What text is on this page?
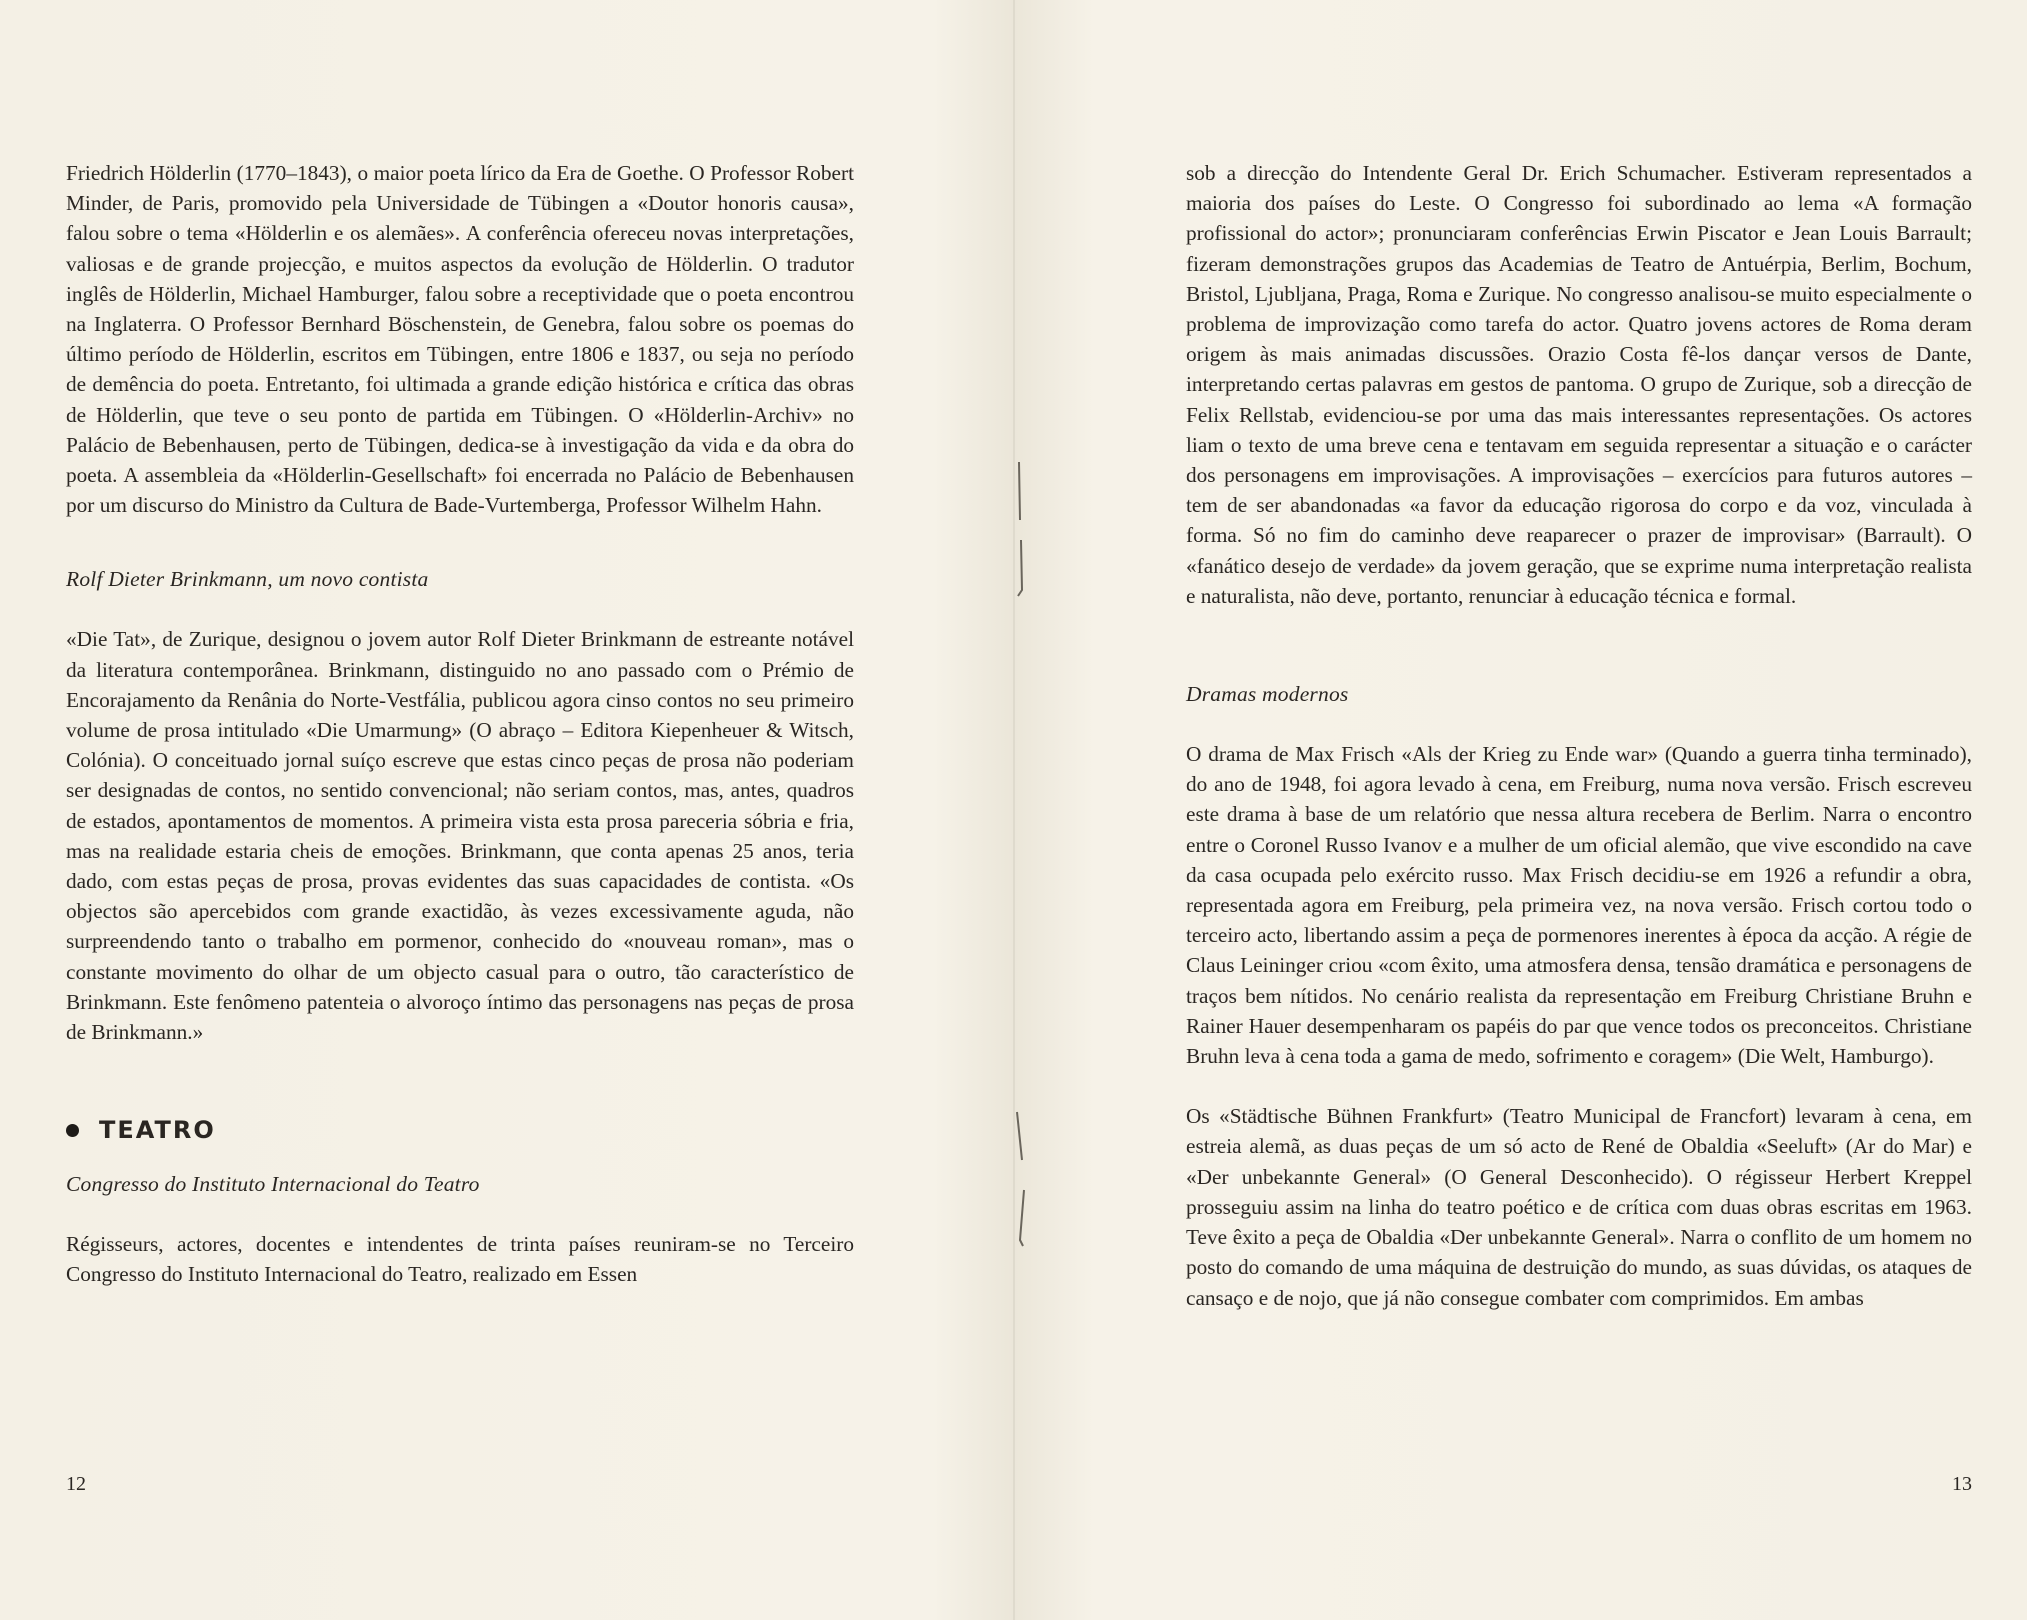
Friedrich Hölderlin (1770–1843), o maior poeta lírico da Era de Goethe. O Professor Robert Minder, de Paris, promovido pela Universidade de Tübingen a «Doutor honoris causa», falou sobre o tema «Hölderlin e os alemães». A conferência ofereceu novas interpretações, valiosas e de grande projecção, e muitos aspectos da evolução de Hölderlin. O tradutor inglês de Hölderlin, Michael Hamburger, falou sobre a receptividade que o poeta encontrou na Inglaterra. O Professor Bernhard Böschenstein, de Genebra, falou sobre os poemas do último período de Hölderlin, escritos em Tübingen, entre 1806 e 1837, ou seja no período de demência do poeta. Entretanto, foi ultimada a grande edição histórica e crítica das obras de Hölderlin, que teve o seu ponto de partida em Tübingen. O «Hölderlin-Archiv» no Palácio de Bebenhausen, perto de Tübingen, dedica-se à investigação da vida e da obra do poeta. A assembleia da «Hölderlin-Gesellschaft» foi encerrada no Palácio de Bebenhausen por um discurso do Ministro da Cultura de Bade-Vurtemberga, Professor Wilhelm Hahn.

Rolf Dieter Brinkmann, um novo contista

«Die Tat», de Zurique, designou o jovem autor Rolf Dieter Brinkmann de estreante notável da literatura contemporânea. Brinkmann, distinguido no ano passado com o Prémio de Encorajamento da Renânia do Norte-Vestfália, publicou agora cinso contos no seu primeiro volume de prosa intitulado «Die Umarmung» (O abraço – Editora Kiepenheuer & Witsch, Colónia). O conceituado jornal suíço escreve que estas cinco peças de prosa não poderiam ser designadas de contos, no sentido convencional; não seriam contos, mas, antes, quadros de estados, apontamentos de momentos. A primeira vista esta prosa pareceria sóbria e fria, mas na realidade estaria cheis de emoções. Brinkmann, que conta apenas 25 anos, teria dado, com estas peças de prosa, provas evidentes das suas capacidades de contista. «Os objectos são apercebidos com grande exactidão, às vezes excessivamente aguda, não surpreendendo tanto o trabalho em pormenor, conhecido do «nouveau roman», mas o constante movimento do olhar de um objecto casual para o outro, tão característico de Brinkmann. Este fenômeno patenteia o alvoroço íntimo das personagens nas peças de prosa de Brinkmann.»

TEATRO
Congresso do Instituto Internacional do Teatro

Régisseurs, actores, docentes e intendentes de trinta países reuniram-se no Terceiro Congresso do Instituto Internacional do Teatro, realizado em Essen

12

sob a direcção do Intendente Geral Dr. Erich Schumacher. Estiveram representados a maioria dos países do Leste. O Congresso foi subordinado ao lema «A formação profissional do actor»; pronunciaram conferências Erwin Piscator e Jean Louis Barrault; fizeram demonstrações grupos das Academias de Teatro de Antuérpia, Berlim, Bochum, Bristol, Ljubljana, Praga, Roma e Zurique. No congresso analisou-se muito especialmente o problema de improvização como tarefa do actor. Quatro jovens actores de Roma deram origem às mais animadas discussões. Orazio Costa fê-los dançar versos de Dante, interpretando certas palavras em gestos de pantoma. O grupo de Zurique, sob a direcção de Felix Rellstab, evidenciou-se por uma das mais interessantes representações. Os actores liam o texto de uma breve cena e tentavam em seguida representar a situação e o carácter dos personagens em improvisações. A improvisações – exercícios para futuros autores – tem de ser abandonadas «a favor da educação rigorosa do corpo e da voz, vinculada à forma. Só no fim do caminho deve reaparecer o prazer de improvisar» (Barrault). O «fanático desejo de verdade» da jovem geração, que se exprime numa interpretação realista e naturalista, não deve, portanto, renunciar à educação técnica e formal.

Dramas modernos

O drama de Max Frisch «Als der Krieg zu Ende war» (Quando a guerra tinha terminado), do ano de 1948, foi agora levado à cena, em Freiburg, numa nova versão. Frisch escreveu este drama à base de um relatório que nessa altura recebera de Berlim. Narra o encontro entre o Coronel Russo Ivanov e a mulher de um oficial alemão, que vive escondido na cave da casa ocupada pelo exército russo. Max Frisch decidiu-se em 1926 a refundir a obra, representada agora em Freiburg, pela primeira vez, na nova versão. Frisch cortou todo o terceiro acto, libertando assim a peça de pormenores inerentes à época da acção. A régie de Claus Leininger criou «com êxito, uma atmosfera densa, tensão dramática e personagens de traços bem nítidos. No cenário realista da representação em Freiburg Christiane Bruhn e Rainer Hauer desempenharam os papéis do par que vence todos os preconceitos. Christiane Bruhn leva à cena toda a gama de medo, sofrimento e coragem» (Die Welt, Hamburgo).

Os «Städtische Bühnen Frankfurt» (Teatro Municipal de Francfort) levaram à cena, em estreia alemã, as duas peças de um só acto de René de Obaldia «Seeluft» (Ar do Mar) e «Der unbekannte General» (O General Desconhecido). O régisseur Herbert Kreppel prosseguiu assim na linha do teatro poético e de crítica com duas obras escritas em 1963. Teve êxito a peça de Obaldia «Der unbekannte General». Narra o conflito de um homem no posto do comando de uma máquina de destruição do mundo, as suas dúvidas, os ataques de cansaço e de nojo, que já não consegue combater com comprimidos. Em ambas

13
